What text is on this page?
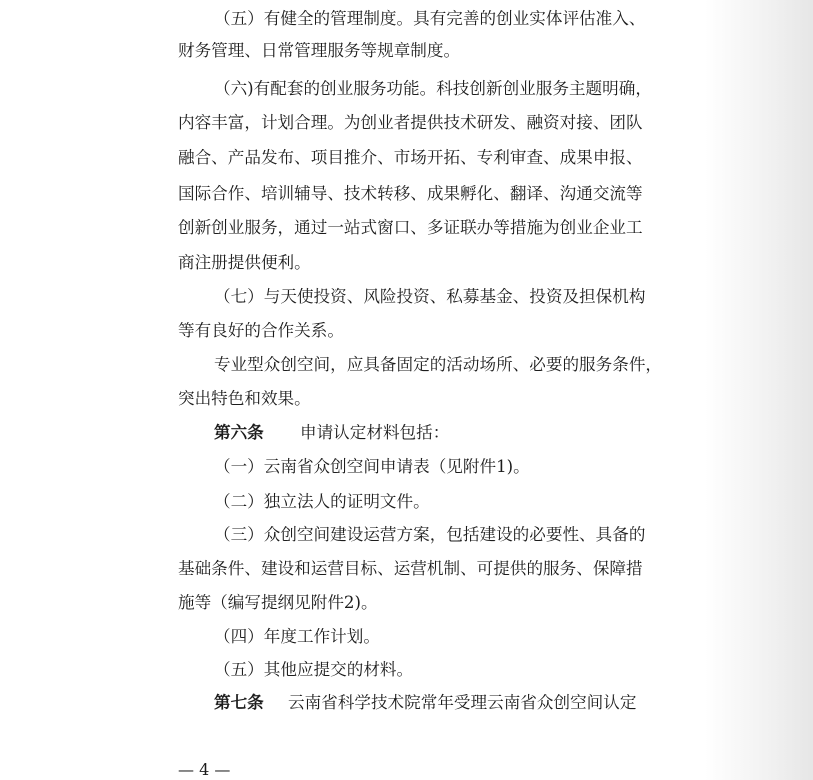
（五）有健全的管理制度。具有完善的创业实体评估准入、
财务管理、日常管理服务等规章制度。
（六)有配套的创业服务功能。科技创新创业服务主题明确，
内容丰富，计划合理。为创业者提供技术研发、融资对接、团队
融合、产品发布、项目推介、市场开拓、专利审查、成果申报、
国际合作、培训辅导、技术转移、成果孵化、翻译、沟通交流等
创新创业服务，通过一站式窗口、多证联办等措施为创业企业工
商注册提供便利。
（七）与天使投资、风险投资、私募基金、投资及担保机构
等有良好的合作关系。
专业型众创空间，应具备固定的活动场所、必要的服务条件，
突出特色和效果。
第六条 申请认定材料包括：
（一）云南省众创空间申请表（见附件1)。
（二）独立法人的证明文件。
（三）众创空间建设运营方案，包括建设的必要性、具备的
基础条件、建设和运营目标、运营机制、可提供的服务、保障措
施等（编写提纲见附件2)。
（四）年度工作计划。
（五）其他应提交的材料。
第七条 云南省科学技术院常年受理云南省众创空间认定
— 4 —
